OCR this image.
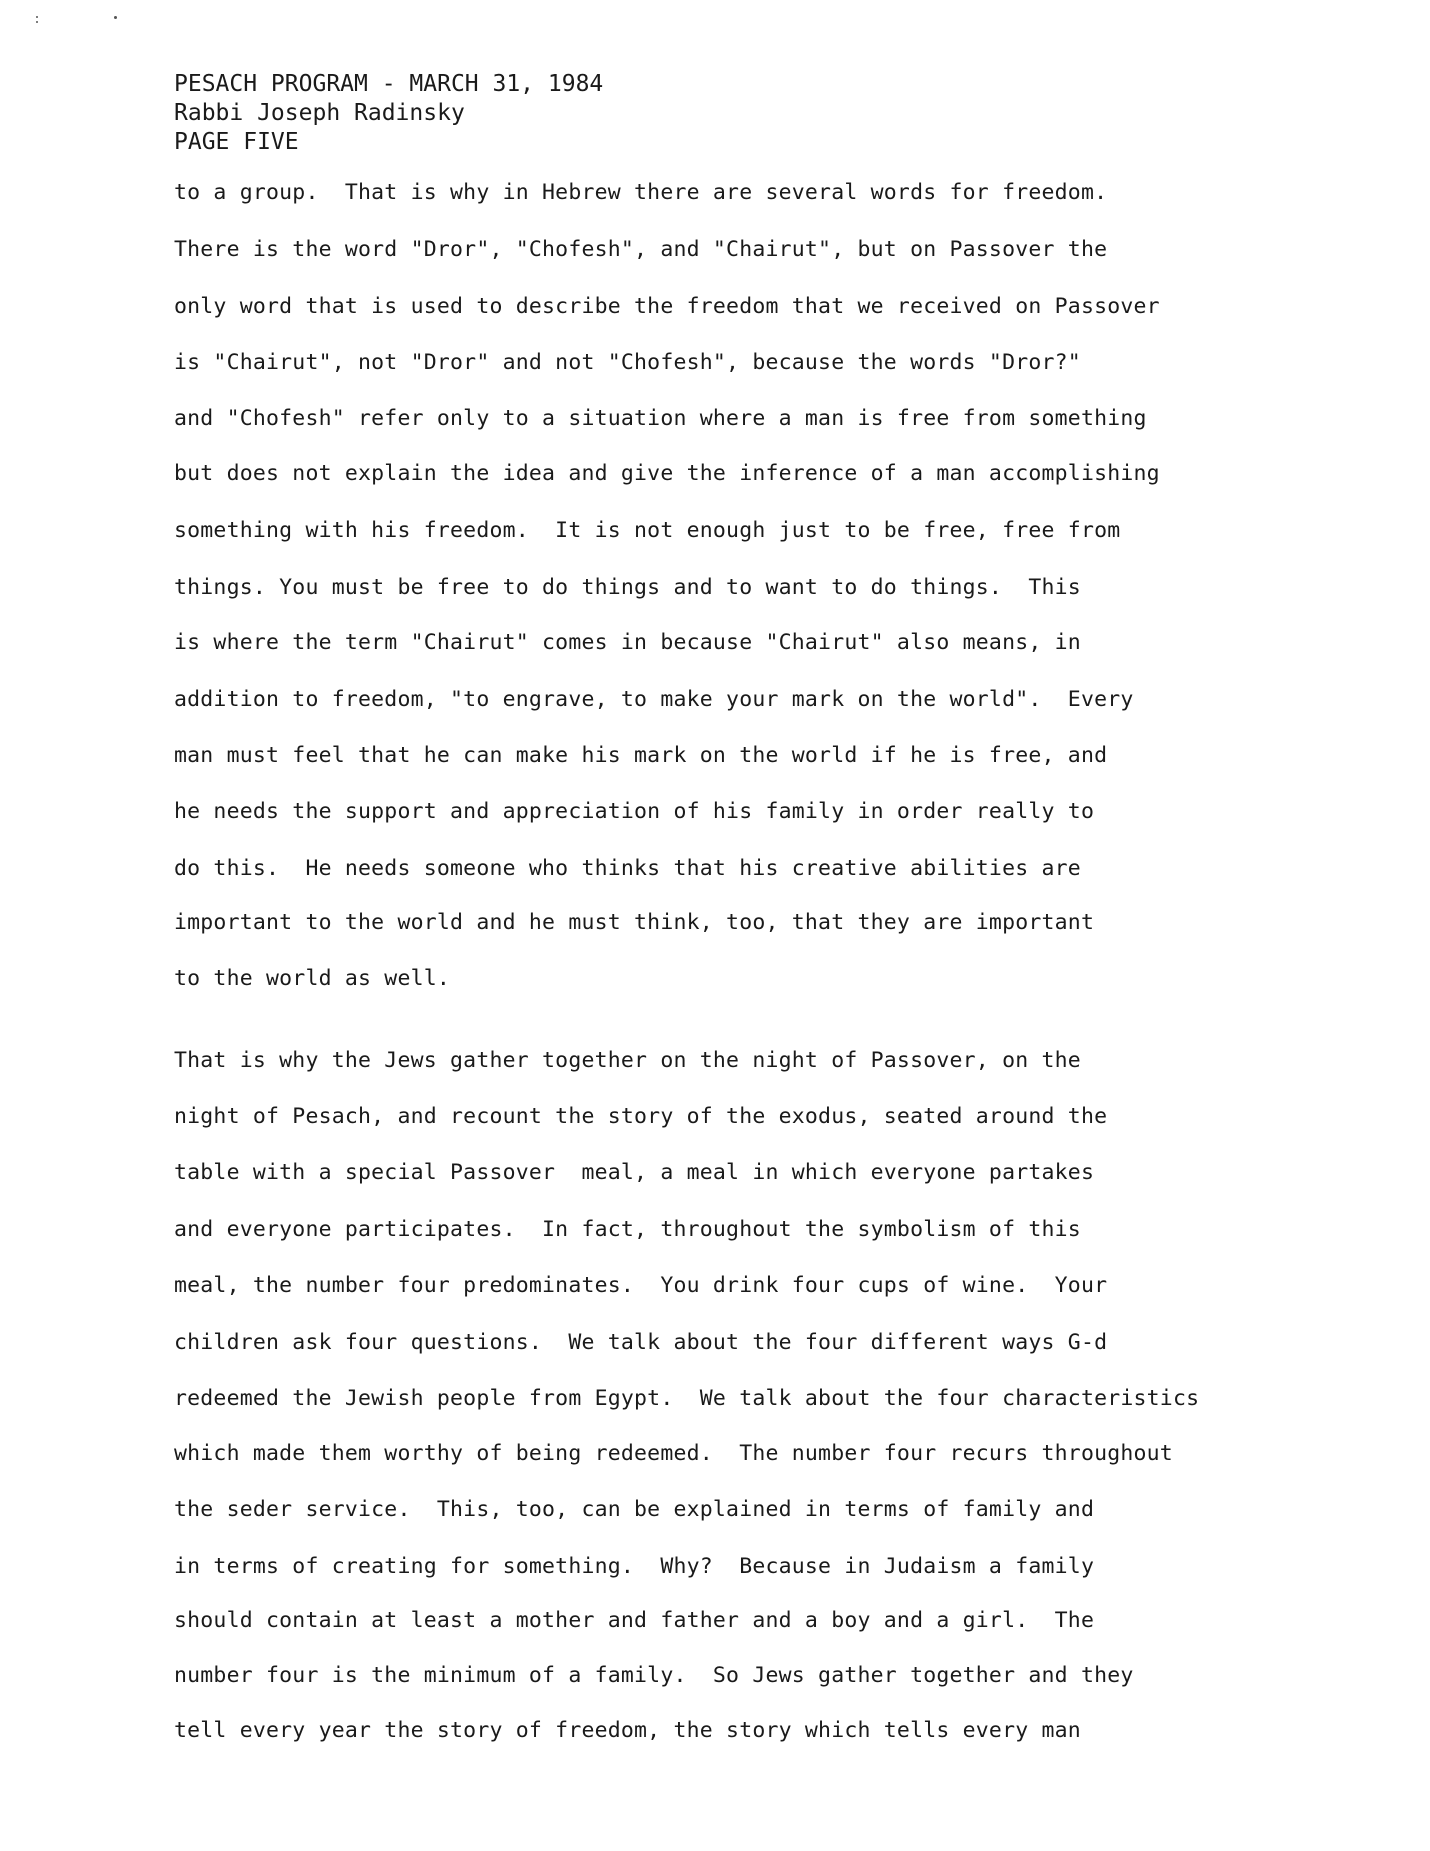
PESACH PROGRAM - MARCH 31, 1984
Rabbi Joseph Radinsky
PAGE FIVE
to a group.  That is why in Hebrew there are several words for freedom.
There is the word "Dror", "Chofesh", and "Chairut", but on Passover the
only word that is used to describe the freedom that we received on Passover
is "Chairut", not "Dror" and not "Chofesh", because the words "Dror?"
and "Chofesh" refer only to a situation where a man is free from something
but does not explain the idea and give the inference of a man accomplishing
something with his freedom.  It is not enough just to be free, free from
things. You must be free to do things and to want to do things.  This
is where the term "Chairut" comes in because "Chairut" also means, in
addition to freedom, "to engrave, to make your mark on the world".  Every
man must feel that he can make his mark on the world if he is free, and
he needs the support and appreciation of his family in order really to
do this.  He needs someone who thinks that his creative abilities are
important to the world and he must think, too, that they are important
to the world as well.
That is why the Jews gather together on the night of Passover, on the
night of Pesach, and recount the story of the exodus, seated around the
table with a special Passover  meal, a meal in which everyone partakes
and everyone participates.  In fact, throughout the symbolism of this
meal, the number four predominates.  You drink four cups of wine.  Your
children ask four questions.  We talk about the four different ways G-d
redeemed the Jewish people from Egypt.  We talk about the four characteristics
which made them worthy of being redeemed.  The number four recurs throughout
the seder service.  This, too, can be explained in terms of family and
in terms of creating for something.  Why?  Because in Judaism a family
should contain at least a mother and father and a boy and a girl.  The
number four is the minimum of a family.  So Jews gather together and they
tell every year the story of freedom, the story which tells every man
